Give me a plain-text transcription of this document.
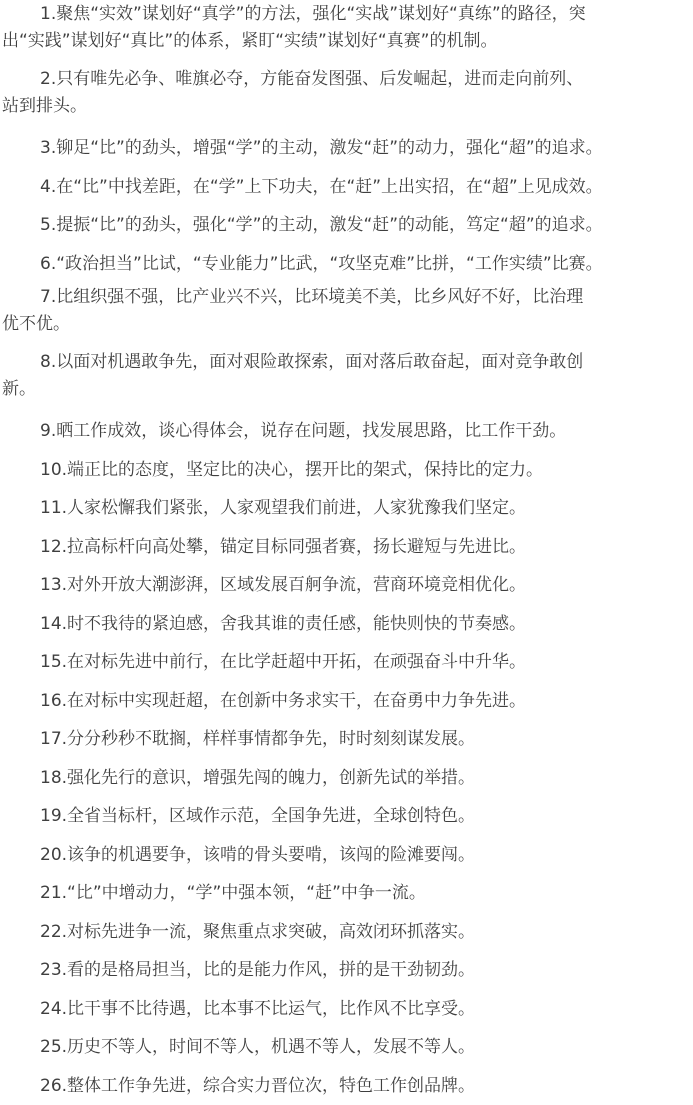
1.聚焦“实效”谋划好“真学”的方法，强化“实战”谋划好“真练”的路径，突
出“实践”谋划好“真比”的体系，紧盯“实绩”谋划好“真赛”的机制。

2.只有唯先必争、唯旗必夺，方能奋发图强、后发崛起，进而走向前列、
站到排头。

3.铆足“比”的劲头，增强“学”的主动，激发“赶”的动力，强化“超”的追求。

4.在“比”中找差距，在“学”上下功夫，在“赶”上出实招，在“超”上见成效。

5.提振“比”的劲头，强化“学”的主动，激发“赶”的动能，笃定“超”的追求。

6.“政治担当”比试，“专业能力”比武，“攻坚克难”比拼，“工作实绩”比赛。

7.比组织强不强，比产业兴不兴，比环境美不美，比乡风好不好，比治理
优不优。

8.以面对机遇敢争先，面对艰险敢探索，面对落后敢奋起，面对竞争敢创
新。

9.晒工作成效，谈心得体会，说存在问题，找发展思路，比工作干劲。

10.端正比的态度，坚定比的决心，摆开比的架式，保持比的定力。

11.人家松懈我们紧张，人家观望我们前进，人家犹豫我们坚定。

12.拉高标杆向高处攀，锚定目标同强者赛，扬长避短与先进比。

13.对外开放大潮澎湃，区域发展百舸争流，营商环境竞相优化。

14.时不我待的紧迫感，舍我其谁的责任感，能快则快的节奏感。

15.在对标先进中前行，在比学赶超中开拓，在顽强奋斗中升华。

16.在对标中实现赶超，在创新中务求实干，在奋勇中力争先进。

17.分分秒秒不耽搁，样样事情都争先，时时刻刻谋发展。

18.强化先行的意识，增强先闯的魄力，创新先试的举措。

19.全省当标杆，区域作示范，全国争先进，全球创特色。

20.该争的机遇要争，该啃的骨头要啃，该闯的险滩要闯。

21.“比”中增动力，“学”中强本领，“赶”中争一流。

22.对标先进争一流，聚焦重点求突破，高效闭环抓落实。

23.看的是格局担当，比的是能力作风，拼的是干劲韧劲。

24.比干事不比待遇，比本事不比运气，比作风不比享受。

25.历史不等人，时间不等人，机遇不等人，发展不等人。

26.整体工作争先进，综合实力晋位次，特色工作创品牌。
